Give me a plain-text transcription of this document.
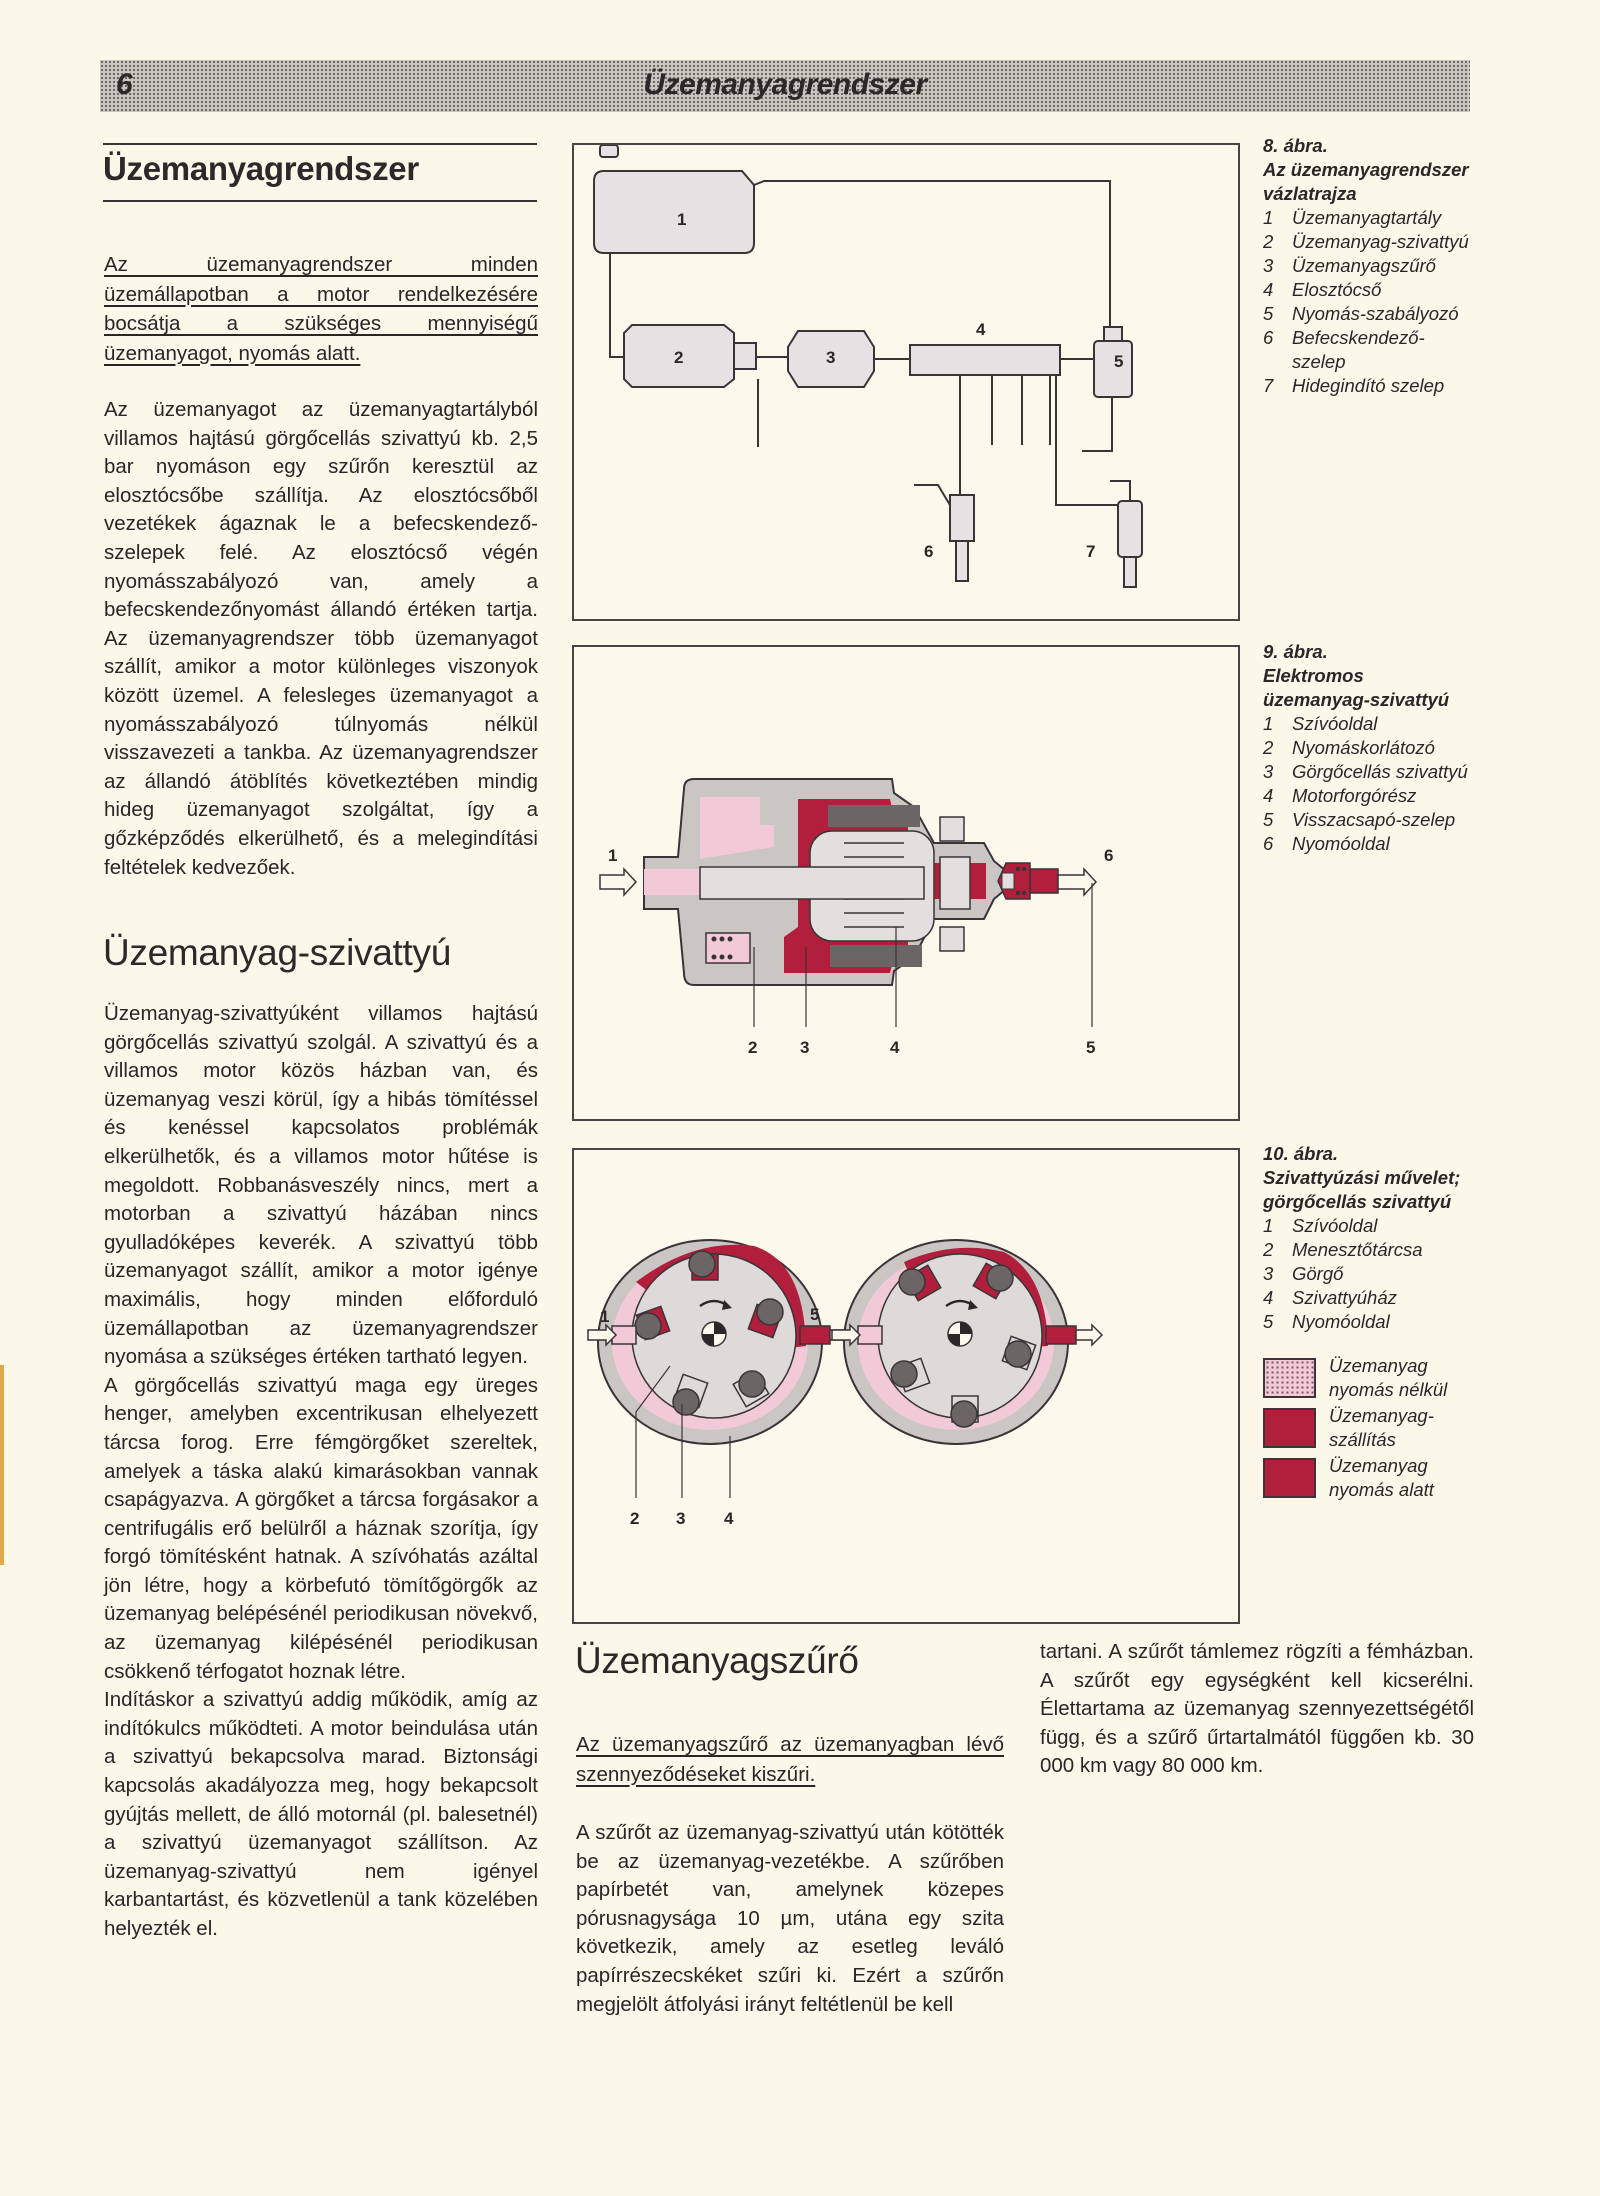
6	Üzemanyagrendszer
Üzemanyagrendszer

Az üzemanyagrendszer minden üzemállapotban a motor rendelkezésére bocsátja a szükséges mennyiségű üzemanyagot, nyomás alatt.

Az üzemanyagot az üzemanyagtartályból villamos hajtású görgőcellás szivattyú kb. 2,5 bar nyomáson egy szűrőn keresztül az elosztócsőbe szállítja. Az elosztócsőből vezetékek ágaznak le a befecskendező-szelepek felé. Az elosztócső végén nyomásszabályozó van, amely a befecskendezőnyomást állandó értéken tartja. Az üzemanyagrendszer több üzemanyagot szállít, amikor a motor különleges viszonyok között üzemel. A felesleges üzemanyagot a nyomásszabályozó túlnyomás nélkül visszavezeti a tankba. Az üzemanyagrendszer az állandó átöblítés következtében mindig hideg üzemanyagot szolgáltat, így a gőzképződés elkerülhető, és a melegindítási feltételek kedvezőek.

Üzemanyag-szivattyú

Üzemanyag-szivattyúként villamos hajtású görgőcellás szivattyú szolgál. A szivattyú és a villamos motor közös házban van, és üzemanyag veszi körül, így a hibás tömítéssel és kenéssel kapcsolatos problémák elkerülhetők, és a villamos motor hűtése is megoldott. Robbanásveszély nincs, mert a motorban a szivattyú házában nincs gyulladóképes keverék. A szivattyú több üzemanyagot szállít, amikor a motor igénye maximális, hogy minden előforduló üzemállapotban az üzemanyagrendszer nyomása a szükséges értéken tartható legyen.

A görgőcellás szivattyú maga egy üreges henger, amelyben excentrikusan elhelyezett tárcsa forog. Erre fémgörgőket szereltek, amelyek a táska alakú kimarásokban vannak csapágyazva. A görgőket a tárcsa forgásakor a centrifugális erő belülről a háznak szorítja, így forgó tömítésként hatnak. A szívóhatás azáltal jön létre, hogy a körbefutó tömítőgörgők az üzemanyag belépésénél periodikusan növekvő, az üzemanyag kilépésénél periodikusan csökkenő térfogatot hoznak létre.

Indításkor a szivattyú addig működik, amíg az indítókulcs működteti. A motor beindulása után a szivattyú bekapcsolva marad. Biztonsági kapcsolás akadályozza meg, hogy bekapcsolt gyújtás mellett, de álló motornál (pl. balesetnél) a szivattyú üzemanyagot szállítson. Az üzemanyag-szivattyú nem igényel karbantartást, és közvetlenül a tank közelében helyezték el.

1
2	3
4
5
6	7
1
2	3	4	5
6
1
2 3 4
5
8. ábra.
Az üzemanyagrendszer vázlatrajza
1	Üzemanyagtartály
2	Üzemanyag-szivattyú
3	Üzemanyagszűrő
4	Elosztócső
5	Nyomás-szabályozó
6	Befecskendező-szelep
7	Hidegindító szelep
9. ábra.
Elektromos üzemanyag-szivattyú
1	Szívóoldal
2	Nyomáskorlátozó
3	Görgőcellás szivattyú
4	Motorforgórész
5	Visszacsapó-szelep
6	Nyomóoldal
10. ábra.
Szivattyúzási művelet; görgőcellás szivattyú
1	Szívóoldal
2	Menesztőtárcsa
3	Görgő
4	Szivattyúház
5	Nyomóoldal
Üzemanyag nyomás nélkül
Üzemanyag-szállítás
Üzemanyag nyomás alatt
Üzemanyagszűrő

Az üzemanyagszűrő az üzemanyagban lévő szennyeződéseket kiszűri.

A szűrőt az üzemanyag-szivattyú után kötötték be az üzemanyag-vezetékbe. A szűrőben papírbetét van, amelynek közepes pórusnagysága 10 µm, utána egy szita következik, amely az esetleg leváló papírrészecskéket szűri ki. Ezért a szűrőn megjelölt átfolyási irányt feltétlenül be kell

tartani. A szűrőt támlemez rögzíti a fémházban. A szűrőt egy egységként kell kicserélni. Élettartama az üzemanyag szennyezettségétől függ, és a szűrő űrtartalmától függően kb. 30 000 km vagy 80 000 km.
